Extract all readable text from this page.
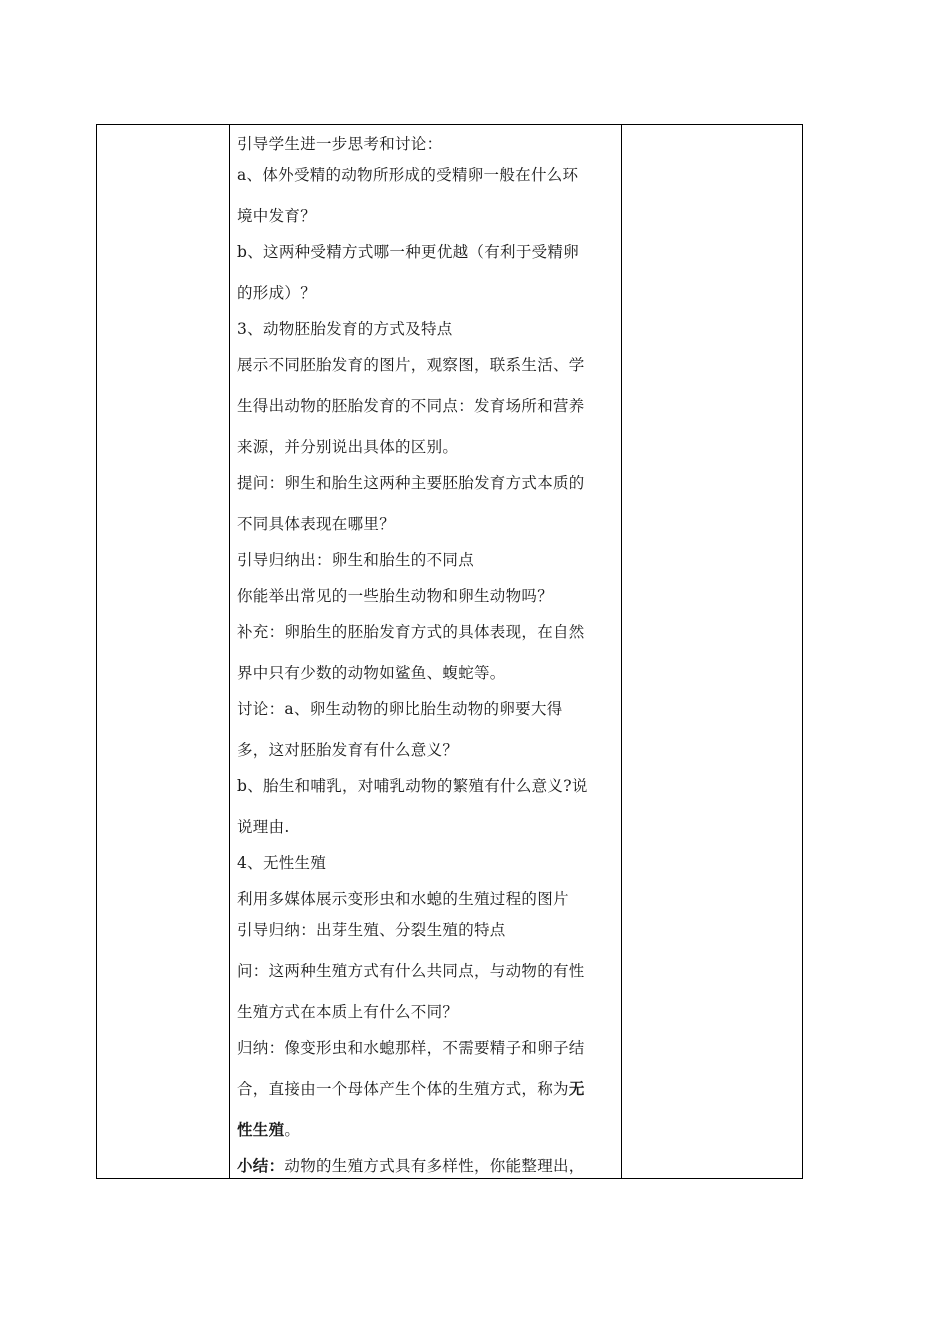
引导学生进一步思考和讨论：
a、体外受精的动物所形成的受精卵一般在什么环
境中发育？
b、这两种受精方式哪一种更优越（有利于受精卵
的形成）？
3、动物胚胎发育的方式及特点
展示不同胚胎发育的图片，观察图，联系生活、学
生得出动物的胚胎发育的不同点：发育场所和营养
来源，并分别说出具体的区别。
提问：卵生和胎生这两种主要胚胎发育方式本质的
不同具体表现在哪里？
引导归纳出：卵生和胎生的不同点
你能举出常见的一些胎生动物和卵生动物吗？
补充：卵胎生的胚胎发育方式的具体表现，在自然
界中只有少数的动物如鲨鱼、蝮蛇等。
讨论：a、卵生动物的卵比胎生动物的卵要大得
多，这对胚胎发育有什么意义？
b、胎生和哺乳，对哺乳动物的繁殖有什么意义?说
说理由.
4、无性生殖
利用多媒体展示变形虫和水螅的生殖过程的图片
引导归纳：出芽生殖、分裂生殖的特点
问：这两种生殖方式有什么共同点，与动物的有性
生殖方式在本质上有什么不同？
归纳：像变形虫和水螅那样，不需要精子和卵子结
合，直接由一个母体产生个体的生殖方式，称为无
性生殖。
小结：动物的生殖方式具有多样性，你能整理出，
